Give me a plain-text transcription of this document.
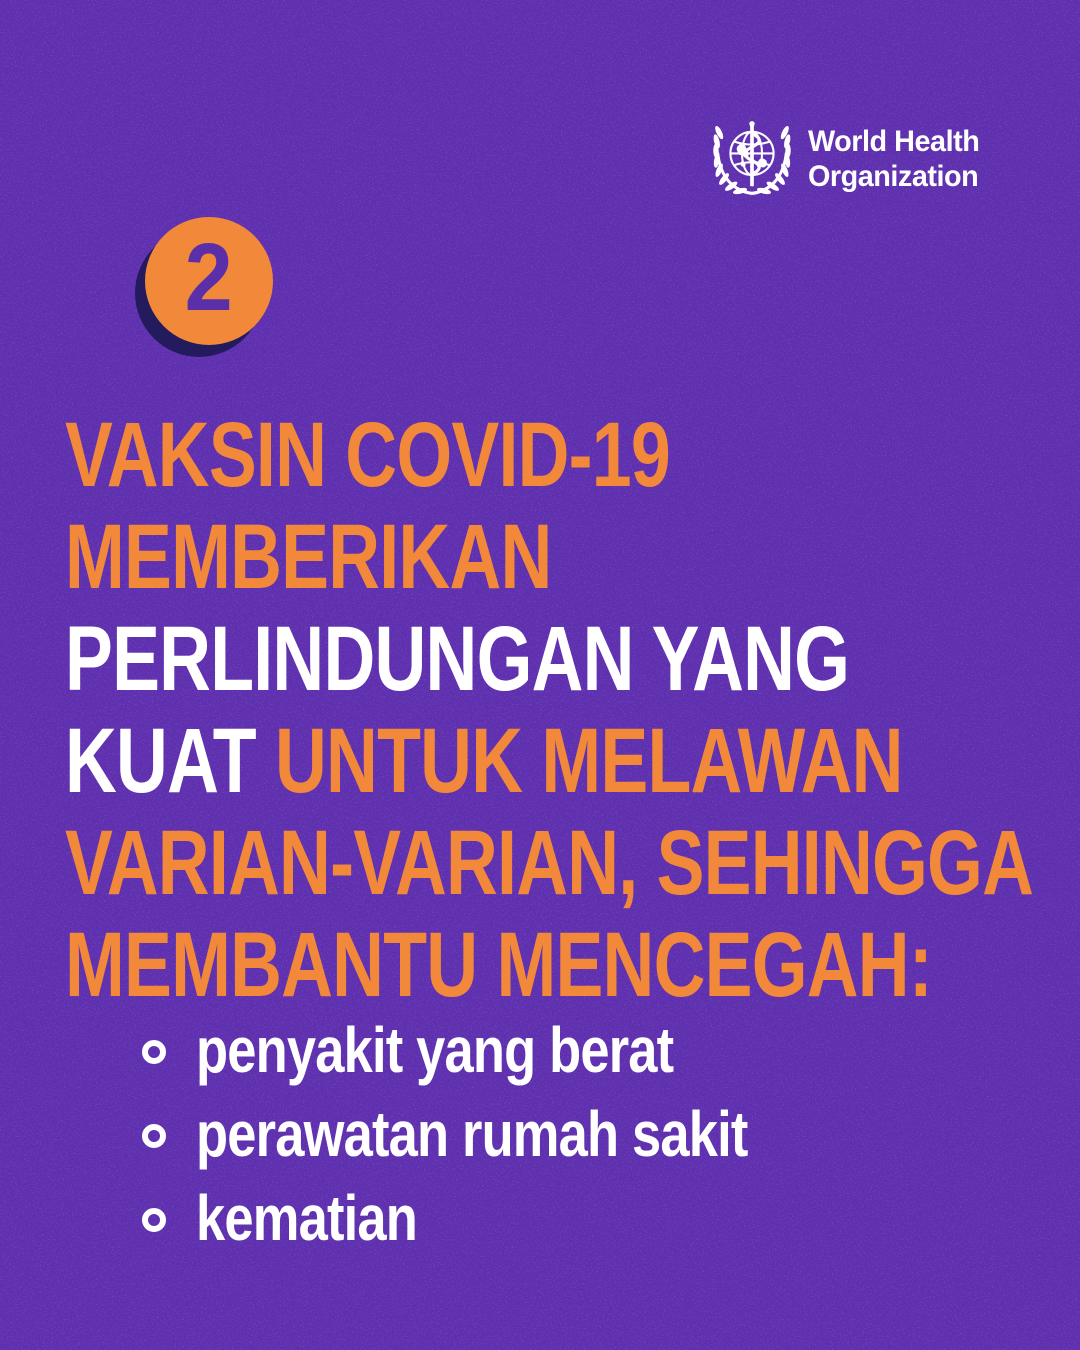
World Health
Organization
2
VAKSIN COVID-19
MEMBERIKAN
PERLINDUNGAN YANG
KUAT UNTUK MELAWAN
VARIAN-VARIAN, SEHINGGA
MEMBANTU MENCEGAH:
penyakit yang berat
perawatan rumah sakit
kematian
